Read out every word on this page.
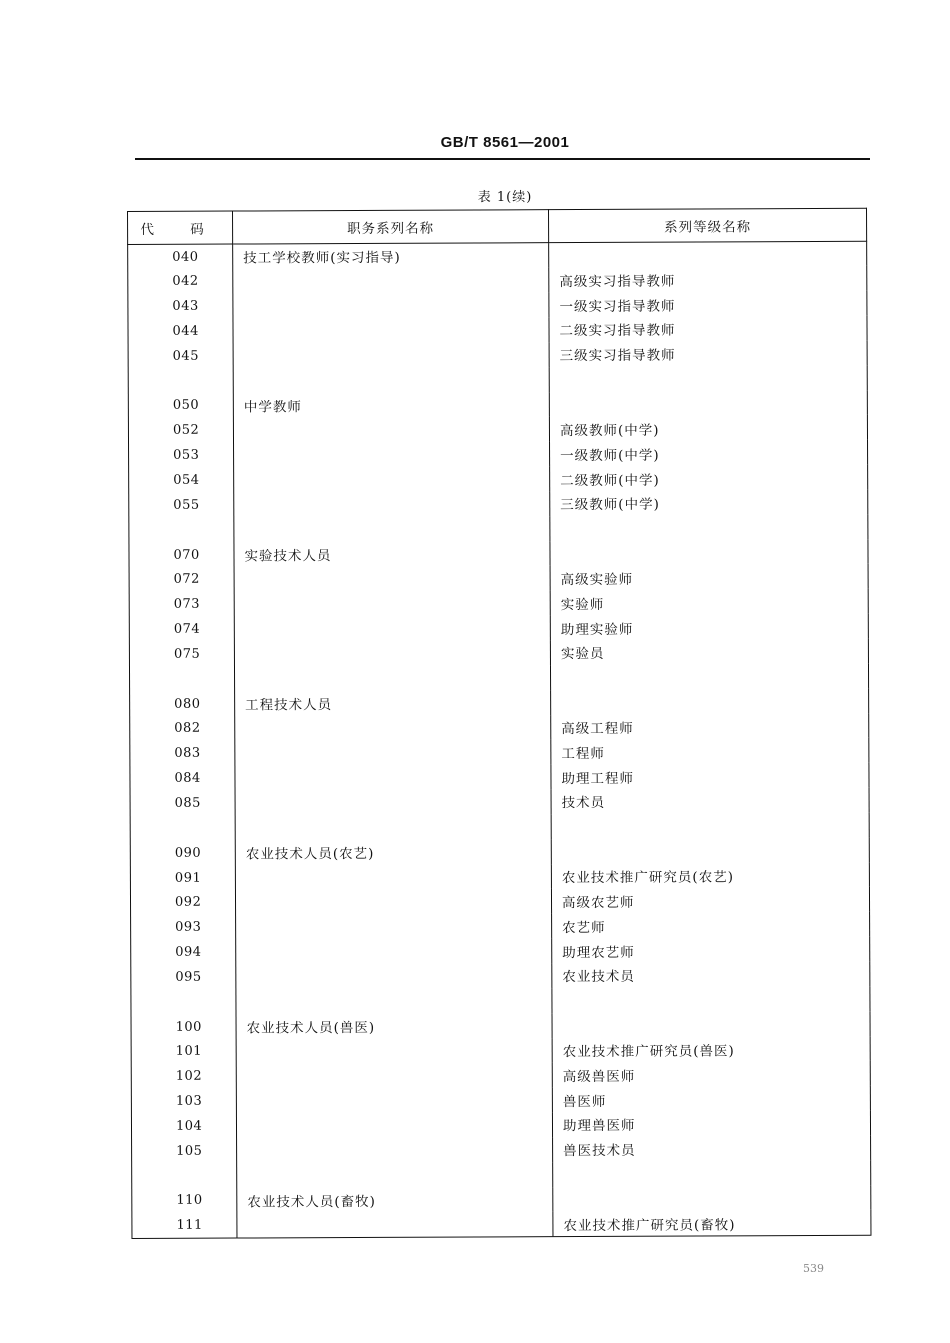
GB/T 8561—2001
表 1(续)
代 码	职务系列名称	系列等级名称
040	技工学校教师(实习指导)	
042		高级实习指导教师
043		一级实习指导教师
044		二级实习指导教师
045		三级实习指导教师

050	中学教师	
052		高级教师(中学)
053		一级教师(中学)
054		二级教师(中学)
055		三级教师(中学)

070	实验技术人员	
072		高级实验师
073		实验师
074		助理实验师
075		实验员

080	工程技术人员	
082		高级工程师
083		工程师
084		助理工程师
085		技术员

090	农业技术人员(农艺)	
091		农业技术推广研究员(农艺)
092		高级农艺师
093		农艺师
094		助理农艺师
095		农业技术员

100	农业技术人员(兽医)	
101		农业技术推广研究员(兽医)
102		高级兽医师
103		兽医师
104		助理兽医师
105		兽医技术员

110	农业技术人员(畜牧)	
111		农业技术推广研究员(畜牧)
539
